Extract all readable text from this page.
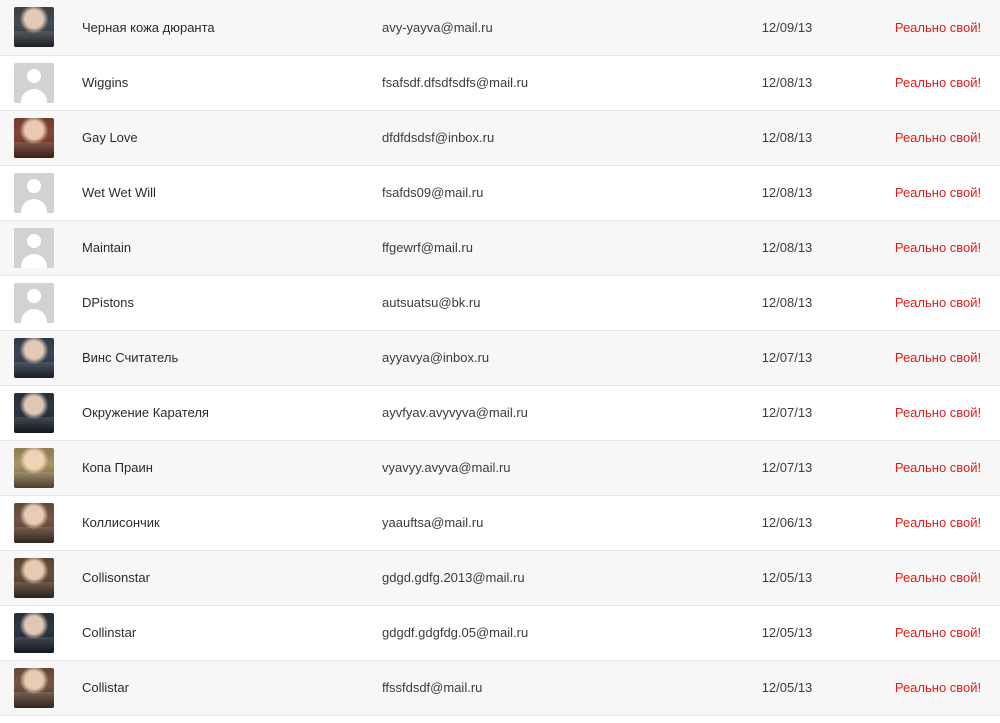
	Черная кожа дюранта	avy-yayva@mail.ru	12/09/13	Реально свой!

	Wiggins	fsafsdf.dfsdfsdfs@mail.ru	12/08/13	Реально свой!

	Gay Love	dfdfdsdsf@inbox.ru	12/08/13	Реально свой!

	Wet Wet Will	fsafds09@mail.ru	12/08/13	Реально свой!

	Maintain	ffgewrf@mail.ru	12/08/13	Реально свой!

	DPistons	autsuatsu@bk.ru	12/08/13	Реально свой!

	Винс Считатель	ayyavya@inbox.ru	12/07/13	Реально свой!

	Окружение Карателя	ayvfyav.avyvyva@mail.ru	12/07/13	Реально свой!

	Копа Праин	vyavyy.avyva@mail.ru	12/07/13	Реально свой!

	Коллисончик	yaauftsa@mail.ru	12/06/13	Реально свой!

	Collisonstar	gdgd.gdfg.2013@mail.ru	12/05/13	Реально свой!

	Collinstar	gdgdf.gdgfdg.05@mail.ru	12/05/13	Реально свой!

	Collistar	ffssfdsdf@mail.ru	12/05/13	Реально свой!
